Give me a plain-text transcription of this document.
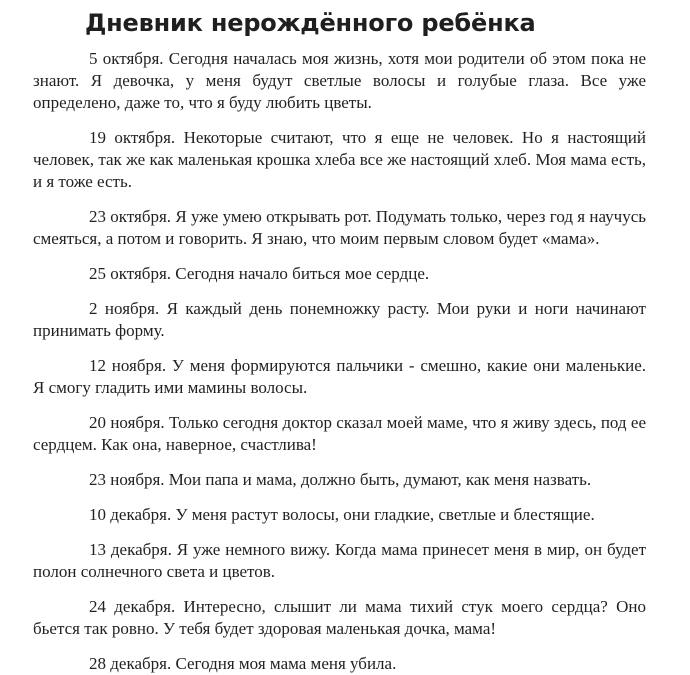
Дневник нерождённого ребёнка

5 октября. Сегодня началась моя жизнь, хотя мои родители об этом пока не знают. Я девочка, у меня будут светлые волосы и голубые глаза. Все уже определено, даже то, что я буду любить цветы.

19 октября. Некоторые считают, что я еще не человек. Но я настоящий человек, так же как маленькая крошка хлеба все же настоящий хлеб. Моя мама есть, и я тоже есть.

23 октября. Я уже умею открывать рот. Подумать только, через год я научусь смеяться, а потом и говорить. Я знаю, что моим первым словом будет «мама».

25 октября. Сегодня начало биться мое сердце.

2 ноября. Я каждый день понемножку расту. Мои руки и ноги начинают принимать форму.

12 ноября. У меня формируются пальчики - смешно, какие они маленькие. Я смогу гладить ими мамины волосы.

20 ноября. Только сегодня доктор сказал моей маме, что я живу здесь, под ее сердцем. Как она, наверное, счастлива!

23 ноября. Мои папа и мама, должно быть, думают, как меня назвать.

10 декабря. У меня растут волосы, они гладкие, светлые и блестящие.

13 декабря. Я уже немного вижу. Когда мама принесет меня в мир, он будет полон солнечного света и цветов.

24 декабря. Интересно, слышит ли мама тихий стук моего сердца? Оно бьется так ровно. У тебя будет здоровая маленькая дочка, мама!

28 декабря. Сегодня моя мама меня убила.
